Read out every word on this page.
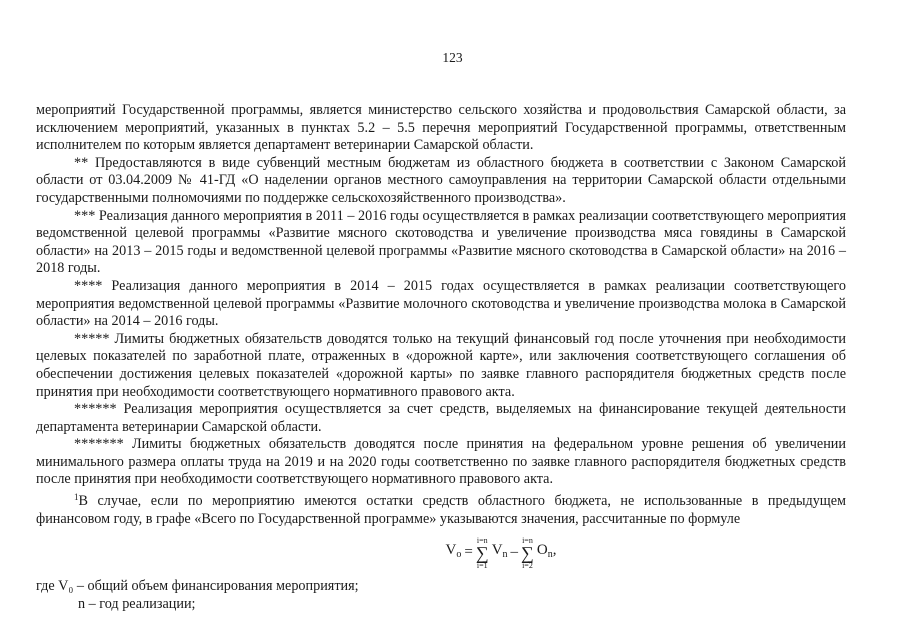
123

мероприятий Государственной программы, является министерство сельского хозяйства и продовольствия Самарской области, за исключением мероприятий, указанных в пунктах 5.2 – 5.5 перечня мероприятий Государственной программы, ответственным исполнителем по которым является департамент ветеринарии Самарской области.

** Предоставляются в виде субвенций местным бюджетам из областного бюджета в соответствии с Законом Самарской области от 03.04.2009 № 41-ГД «О наделении органов местного самоуправления на территории Самарской области отдельными государственными полномочиями по поддержке сельскохозяйственного производства».

*** Реализация данного мероприятия в 2011 – 2016 годы осуществляется в рамках реализации соответствующего мероприятия ведомственной целевой программы «Развитие мясного скотоводства и увеличение производства мяса говядины в Самарской области» на 2013 – 2015 годы и ведомственной целевой программы «Развитие мясного скотоводства в Самарской области» на 2016 – 2018 годы.

**** Реализация данного мероприятия в 2014 – 2015 годах осуществляется в рамках реализации соответствующего мероприятия ведомственной целевой программы «Развитие молочного скотоводства и увеличение производства молока в Самарской области» на 2014 – 2016 годы.

***** Лимиты бюджетных обязательств доводятся только на текущий финансовый год после уточнения при необходимости целевых показателей по заработной плате, отраженных в «дорожной карте», или заключения соответствующего соглашения об обеспечении достижения целевых показателей «дорожной карты» по заявке главного распорядителя бюджетных средств после принятия при необходимости соответствующего нормативного правового акта.

****** Реализация мероприятия осуществляется за счет средств, выделяемых на финансирование текущей деятельности департамента ветеринарии Самарской области.

******* Лимиты бюджетных обязательств доводятся после принятия на федеральном уровне решения об увеличении минимального размера оплаты труда на 2019 и на 2020 годы соответственно по заявке главного распорядителя бюджетных средств после принятия при необходимости соответствующего нормативного правового акта.

$^1$В случае, если по мероприятию имеются остатки средств областного бюджета, не использованные в предыдущем финансовом году, в графе «Всего по Государственной программе» указываются значения, рассчитанные по формуле

$V_o$ =
i=n
∑
i=1
$V_n$ –
i=n
∑
i=2
$O_n$,

где V₀ – общий объем финансирования мероприятия;

n – год реализации;
